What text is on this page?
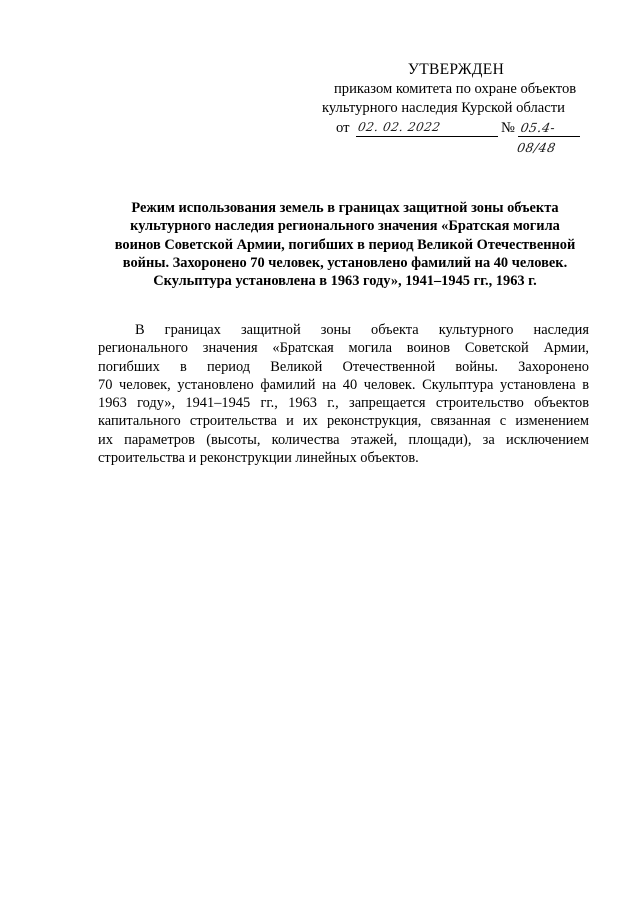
УТВЕРЖДЕН
приказом комитета по охране объектов
культурного наследия Курской области
от 02. 02. 2022	№ 05.4-08/48
Режим использования земель в границах защитной зоны объекта
культурного наследия регионального значения «Братская могила
воинов Советской Армии, погибших в период Великой Отечественной
войны. Захоронено 70 человек, установлено фамилий на 40 человек.
Скульптура установлена в 1963 году», 1941–1945 гг., 1963 г.
В границах защитной зоны объекта культурного наследия
регионального значения «Братская могила воинов Советской Армии,
погибших в период Великой Отечественной войны. Захоронено
70 человек, установлено фамилий на 40 человек. Скульптура установлена в
1963 году», 1941–1945 гг., 1963 г., запрещается строительство объектов
капитального строительства и их реконструкция, связанная с изменением
их параметров (высоты, количества этажей, площади), за исключением
строительства и реконструкции линейных объектов.
